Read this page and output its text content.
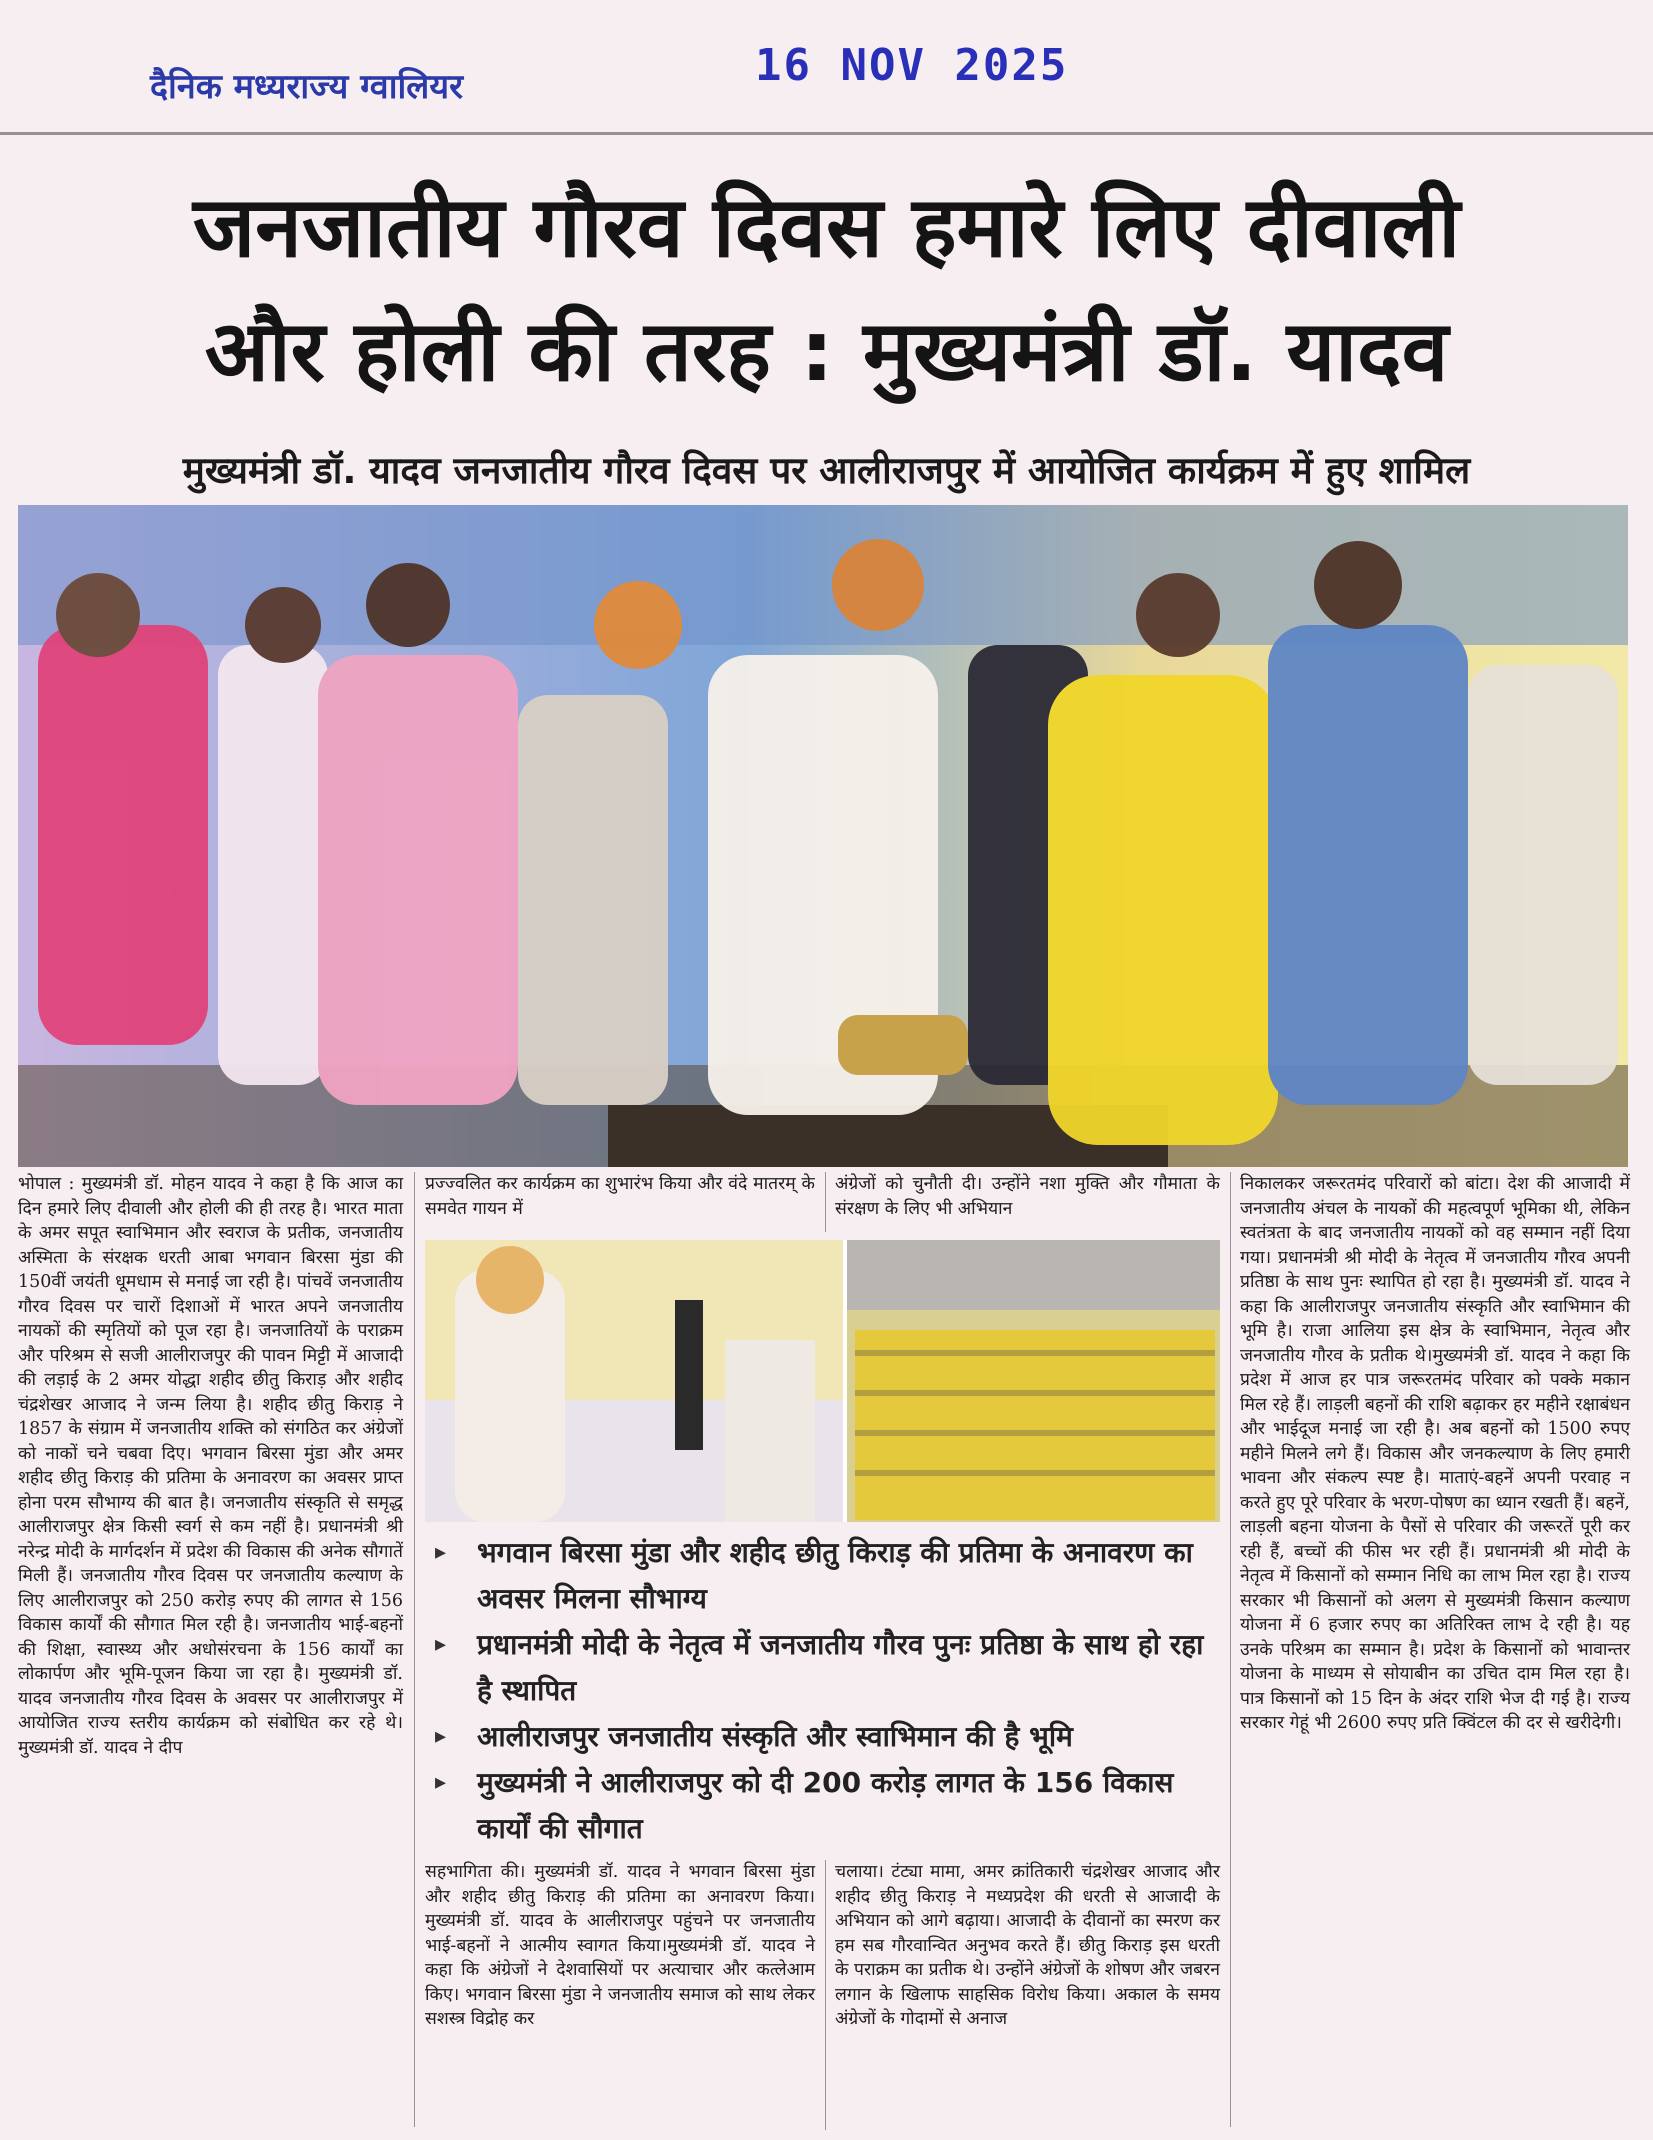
दैनिक मध्यराज्य ग्वालियर	16 NOV 2025
जनजातीय गौरव दिवस हमारे लिए दीवाली
और होली की तरह : मुख्यमंत्री डॉ. यादव
मुख्यमंत्री डॉ. यादव जनजातीय गौरव दिवस पर आलीराजपुर में आयोजित कार्यक्रम में हुए शामिल

भोपाल : मुख्यमंत्री डॉ. मोहन यादव ने कहा है कि आज का दिन हमारे लिए दीवाली और होली की ही तरह है। भारत माता के अमर सपूत स्वाभिमान और स्वराज के प्रतीक, जनजातीय अस्मिता के संरक्षक धरती आबा भगवान बिरसा मुंडा की 150वीं जयंती धूमधाम से मनाई जा रही है। पांचवें जनजातीय गौरव दिवस पर चारों दिशाओं में भारत अपने जनजातीय नायकों की स्मृतियों को पूज रहा है। जनजातियों के पराक्रम और परिश्रम से सजी आलीराजपुर की पावन मिट्टी में आजादी की लड़ाई के 2 अमर योद्धा शहीद छीतु किराड़ और शहीद चंद्रशेखर आजाद ने जन्म लिया है। शहीद छीतु किराड़ ने 1857 के संग्राम में जनजातीय शक्ति को संगठित कर अंग्रेजों को नाकों चने चबवा दिए। भगवान बिरसा मुंडा और अमर शहीद छीतु किराड़ की प्रतिमा के अनावरण का अवसर प्राप्त होना परम सौभाग्य की बात है। जनजातीय संस्कृति से समृद्ध आलीराजपुर क्षेत्र किसी स्वर्ग से कम नहीं है। प्रधानमंत्री श्री नरेन्द्र मोदी के मार्गदर्शन में प्रदेश की विकास की अनेक सौगातें मिली हैं। जनजातीय गौरव दिवस पर जनजातीय कल्याण के लिए आलीराजपुर को 250 करोड़ रुपए की लागत से 156 विकास कार्यों की सौगात मिल रही है। जनजातीय भाई-बहनों की शिक्षा, स्वास्थ्य और अधोसंरचना के 156 कार्यों का लोकार्पण और भूमि-पूजन किया जा रहा है। मुख्यमंत्री डॉ. यादव जनजातीय गौरव दिवस के अवसर पर आलीराजपुर में आयोजित राज्य स्तरीय कार्यक्रम को संबोधित कर रहे थे। मुख्यमंत्री डॉ. यादव ने दीप

प्रज्ज्वलित कर कार्यक्रम का शुभारंभ किया और वंदे मातरम् के समवेत गायन में

अंग्रेजों को चुनौती दी। उन्होंने नशा मुक्ति और गौमाता के संरक्षण के लिए भी अभियान

▸ भगवान बिरसा मुंडा और शहीद छीतु किराड़ की प्रतिमा के अनावरण का अवसर मिलना सौभाग्य
▸ प्रधानमंत्री मोदी के नेतृत्व में जनजातीय गौरव पुनः प्रतिष्ठा के साथ हो रहा है स्थापित
▸ आलीराजपुर जनजातीय संस्कृति और स्वाभिमान की है भूमि
▸ मुख्यमंत्री ने आलीराजपुर को दी 200 करोड़ लागत के 156 विकास कार्यों की सौगात

सहभागिता की। मुख्यमंत्री डॉ. यादव ने भगवान बिरसा मुंडा और शहीद छीतु किराड़ की प्रतिमा का अनावरण किया। मुख्यमंत्री डॉ. यादव के आलीराजपुर पहुंचने पर जनजातीय भाई-बहनों ने आत्मीय स्वागत किया।मुख्यमंत्री डॉ. यादव ने कहा कि अंग्रेजों ने देशवासियों पर अत्याचार और कत्लेआम किए। भगवान बिरसा मुंडा ने जनजातीय समाज को साथ लेकर सशस्त्र विद्रोह कर

चलाया। टंट्या मामा, अमर क्रांतिकारी चंद्रशेखर आजाद और शहीद छीतु किराड़ ने मध्यप्रदेश की धरती से आजादी के अभियान को आगे बढ़ाया। आजादी के दीवानों का स्मरण कर हम सब गौरवान्वित अनुभव करते हैं। छीतु किराड़ इस धरती के पराक्रम का प्रतीक थे। उन्होंने अंग्रेजों के शोषण और जबरन लगान के खिलाफ साहसिक विरोध किया। अकाल के समय अंग्रेजों के गोदामों से अनाज

निकालकर जरूरतमंद परिवारों को बांटा। देश की आजादी में जनजातीय अंचल के नायकों की महत्वपूर्ण भूमिका थी, लेकिन स्वतंत्रता के बाद जनजातीय नायकों को वह सम्मान नहीं दिया गया। प्रधानमंत्री श्री मोदी के नेतृत्व में जनजातीय गौरव अपनी प्रतिष्ठा के साथ पुनः स्थापित हो रहा है। मुख्यमंत्री डॉ. यादव ने कहा कि आलीराजपुर जनजातीय संस्कृति और स्वाभिमान की भूमि है। राजा आलिया इस क्षेत्र के स्वाभिमान, नेतृत्व और जनजातीय गौरव के प्रतीक थे।मुख्यमंत्री डॉ. यादव ने कहा कि प्रदेश में आज हर पात्र जरूरतमंद परिवार को पक्के मकान मिल रहे हैं। लाड़ली बहनों की राशि बढ़ाकर हर महीने रक्षाबंधन और भाईदूज मनाई जा रही है। अब बहनों को 1500 रुपए महीने मिलने लगे हैं। विकास और जनकल्याण के लिए हमारी भावना और संकल्प स्पष्ट है। माताएं-बहनें अपनी परवाह न करते हुए पूरे परिवार के भरण-पोषण का ध्यान रखती हैं। बहनें, लाड़ली बहना योजना के पैसों से परिवार की जरूरतें पूरी कर रही हैं, बच्चों की फीस भर रही हैं। प्रधानमंत्री श्री मोदी के नेतृत्व में किसानों को सम्मान निधि का लाभ मिल रहा है। राज्य सरकार भी किसानों को अलग से मुख्यमंत्री किसान कल्याण योजना में 6 हजार रुपए का अतिरिक्त लाभ दे रही है। यह उनके परिश्रम का सम्मान है। प्रदेश के किसानों को भावान्तर योजना के माध्यम से सोयाबीन का उचित दाम मिल रहा है। पात्र किसानों को 15 दिन के अंदर राशि भेज दी गई है। राज्य सरकार गेहूं भी 2600 रुपए प्रति क्विंटल की दर से खरीदेगी।
